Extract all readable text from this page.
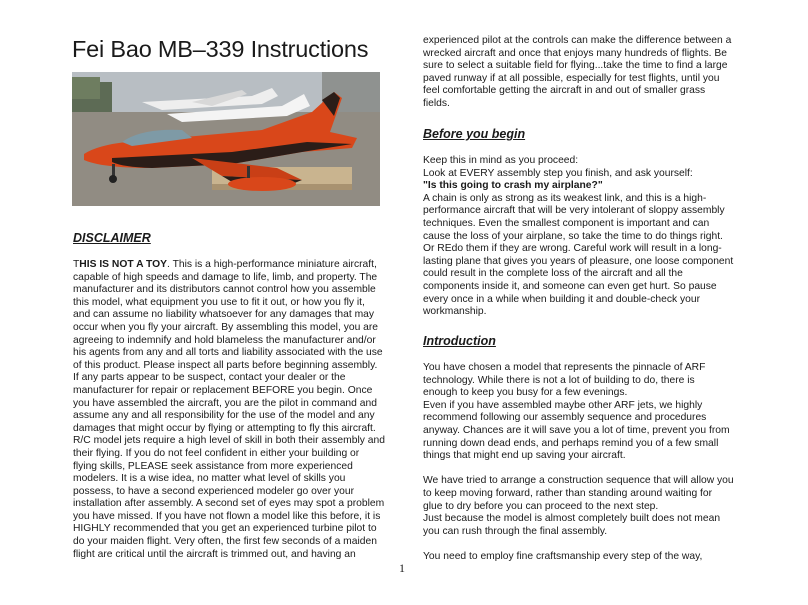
Fei Bao MB–339 Instructions
DISCLAIMER
THIS IS NOT A TOY. This is a high-performance miniature aircraft,
capable of high speeds and damage to life, limb, and property. The
manufacturer and its distributors cannot control how you assemble
this model, what equipment you use to fit it out, or how you fly it,
and can assume no liability whatsoever for any damages that may
occur when you fly your aircraft. By assembling this model, you are
agreeing to indemnify and hold blameless the manufacturer and/or
his agents from any and all torts and liability associated with the use
of this product. Please inspect all parts before beginning assembly.
If any parts appear to be suspect, contact your dealer or the
manufacturer for repair or replacement BEFORE you begin. Once
you have assembled the aircraft, you are the pilot in command and
assume any and all responsibility for the use of the model and any
damages that might occur by flying or attempting to fly this aircraft.
R/C model jets require a high level of skill in both their assembly and
their flying. If you do not feel confident in either your building or
flying skills, PLEASE seek assistance from more experienced
modelers. It is a wise idea, no matter what level of skills you
possess, to have a second experienced modeler go over your
installation after assembly. A second set of eyes may spot a problem
you have missed. If you have not flown a model like this before, it is
HIGHLY recommended that you get an experienced turbine pilot to
do your maiden flight. Very often, the first few seconds of a maiden
flight are critical until the aircraft is trimmed out, and having an
experienced pilot at the controls can make the difference between a
wrecked aircraft and once that enjoys many hundreds of flights. Be
sure to select a suitable field for flying...take the time to find a large
paved runway if at all possible, especially for test flights, until you
feel comfortable getting the aircraft in and out of smaller grass
fields.
Before you begin
Keep this in mind as you proceed:
Look at EVERY assembly step you finish, and ask yourself:
"Is this going to crash my airplane?"
A chain is only as strong as its weakest link, and this is a high-
performance aircraft that will be very intolerant of sloppy assembly
techniques. Even the smallest component is important and can
cause the loss of your airplane, so take the time to do things right.
Or REdo them if they are wrong. Careful work will result in a long-
lasting plane that gives you years of pleasure, one loose component
could result in the complete loss of the aircraft and all the
components inside it, and someone can even get hurt. So pause
every once in a while when building it and double-check your
workmanship.
Introduction
You have chosen a model that represents the pinnacle of ARF
technology. While there is not a lot of building to do, there is
enough to keep you busy for a few evenings.
Even if you have assembled maybe other ARF jets, we highly
recommend following our assembly sequence and procedures
anyway. Chances are it will save you a lot of time, prevent you from
running down dead ends, and perhaps remind you of a few small
things that might end up saving your aircraft.
We have tried to arrange a construction sequence that will allow you
to keep moving forward, rather than standing around waiting for
glue to dry before you can proceed to the next step.
Just because the model is almost completely built does not mean
you can rush through the final assembly.
You need to employ fine craftsmanship every step of the way,
1
